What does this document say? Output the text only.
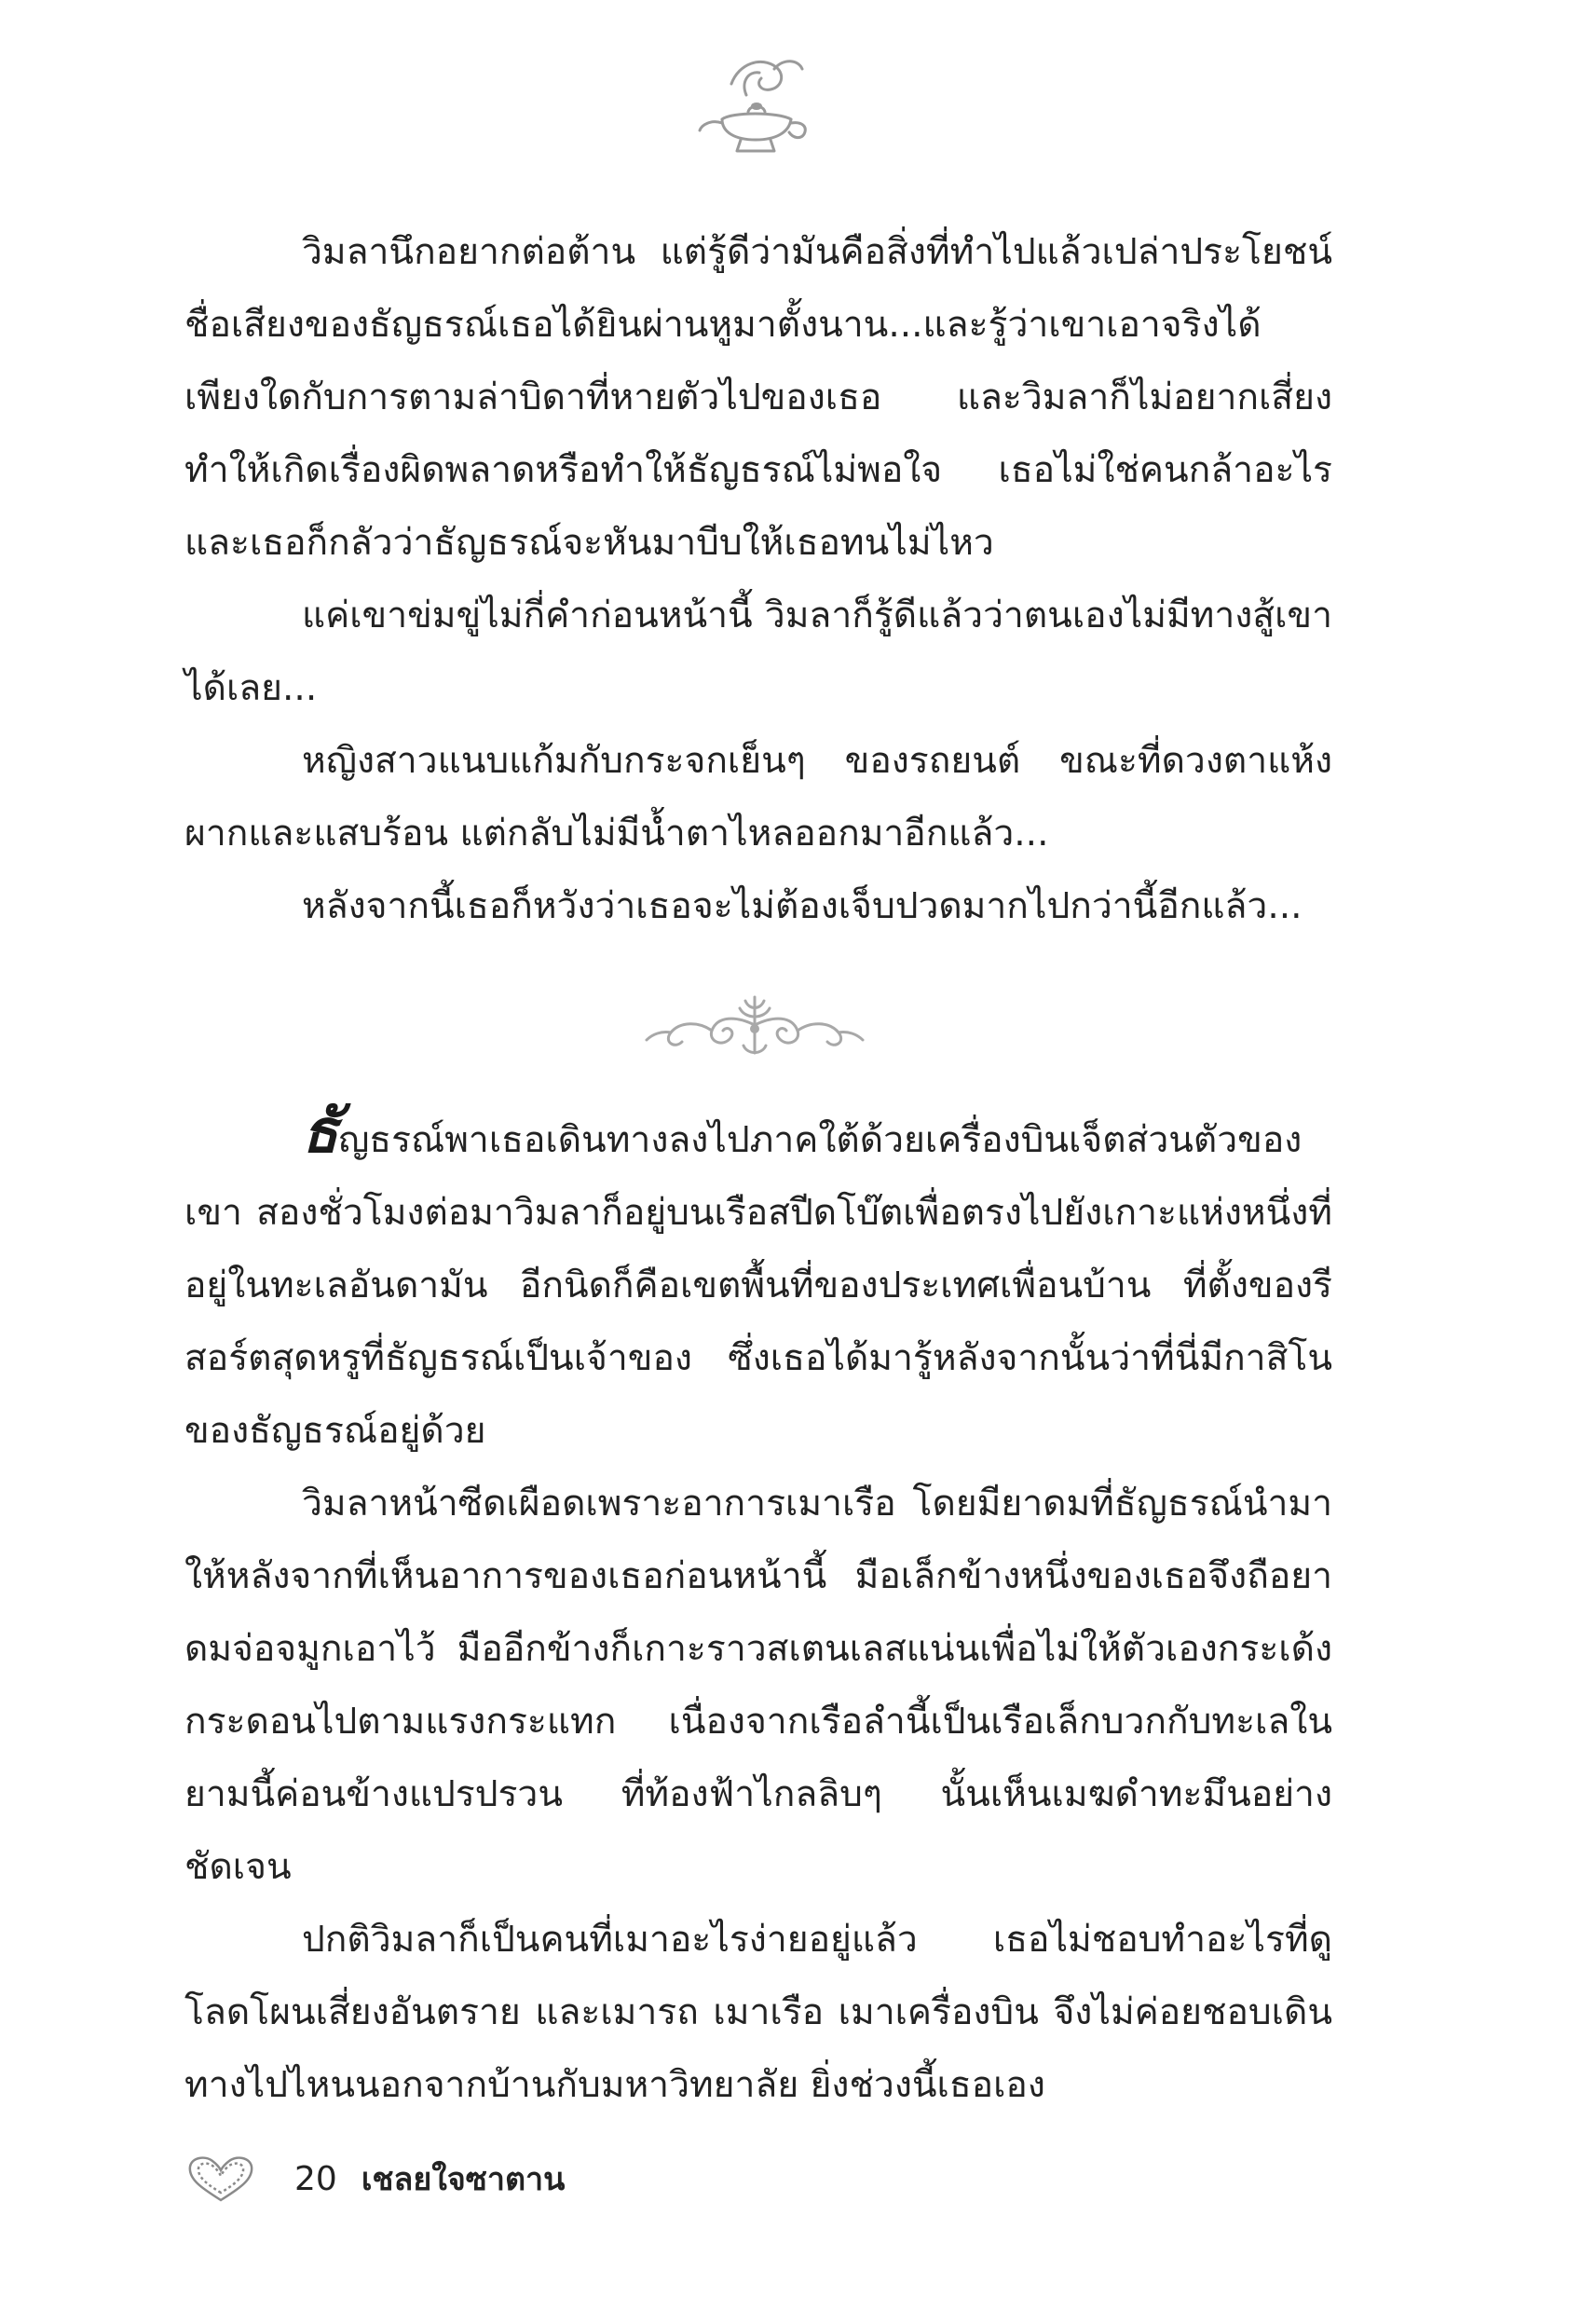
วิมลานึกอยากต่อต้าน แต่รู้ดีว่ามันคือสิ่งที่ทำไปแล้วเปล่าประโยชน์ ชื่อเสียงของธัญธรณ์เธอได้ยินผ่านหูมาตั้งนาน...และรู้ว่าเขาเอาจริงได้เพียงใดกับการตามล่าบิดาที่หายตัวไปของเธอ และวิมลาก็ไม่อยากเสี่ยงทำให้เกิดเรื่องผิดพลาดหรือทำให้ธัญธรณ์ไม่พอใจ เธอไม่ใช่คนกล้าอะไร และเธอก็กลัวว่าธัญธรณ์จะหันมาบีบให้เธอทนไม่ไหว

แค่เขาข่มขู่ไม่กี่คำก่อนหน้านี้ วิมลาก็รู้ดีแล้วว่าตนเองไม่มีทางสู้เขาได้เลย...

หญิงสาวแนบแก้มกับกระจกเย็นๆ ของรถยนต์ ขณะที่ดวงตาแห้งผากและแสบร้อน แต่กลับไม่มีน้ำตาไหลออกมาอีกแล้ว...

หลังจากนี้เธอก็หวังว่าเธอจะไม่ต้องเจ็บปวดมากไปกว่านี้อีกแล้ว...

ธัญธรณ์พาเธอเดินทางลงไปภาคใต้ด้วยเครื่องบินเจ็ตส่วนตัวของเขา สองชั่วโมงต่อมาวิมลาก็อยู่บนเรือสปีดโบ๊ตเพื่อตรงไปยังเกาะแห่งหนึ่งที่อยู่ในทะเลอันดามัน อีกนิดก็คือเขตพื้นที่ของประเทศเพื่อนบ้าน ที่ตั้งของรีสอร์ตสุดหรูที่ธัญธรณ์เป็นเจ้าของ ซึ่งเธอได้มารู้หลังจากนั้นว่าที่นี่มีกาสิโนของธัญธรณ์อยู่ด้วย

วิมลาหน้าซีดเผือดเพราะอาการเมาเรือ โดยมียาดมที่ธัญธรณ์นำมาให้หลังจากที่เห็นอาการของเธอก่อนหน้านี้ มือเล็กข้างหนึ่งของเธอจึงถือยาดมจ่อจมูกเอาไว้ มืออีกข้างก็เกาะราวสเตนเลสแน่นเพื่อไม่ให้ตัวเองกระเด้งกระดอนไปตามแรงกระแทก เนื่องจากเรือลำนี้เป็นเรือเล็กบวกกับทะเลในยามนี้ค่อนข้างแปรปรวน ที่ท้องฟ้าไกลลิบๆ นั้นเห็นเมฆดำทะมึนอย่างชัดเจน

ปกติวิมลาก็เป็นคนที่เมาอะไรง่ายอยู่แล้ว เธอไม่ชอบทำอะไรที่ดูโลดโผนเสี่ยงอันตราย และเมารถ เมาเรือ เมาเครื่องบิน จึงไม่ค่อยชอบเดินทางไปไหนนอกจากบ้านกับมหาวิทยาลัย ยิ่งช่วงนี้เธอเอง

20 เชลยใจซาตาน
